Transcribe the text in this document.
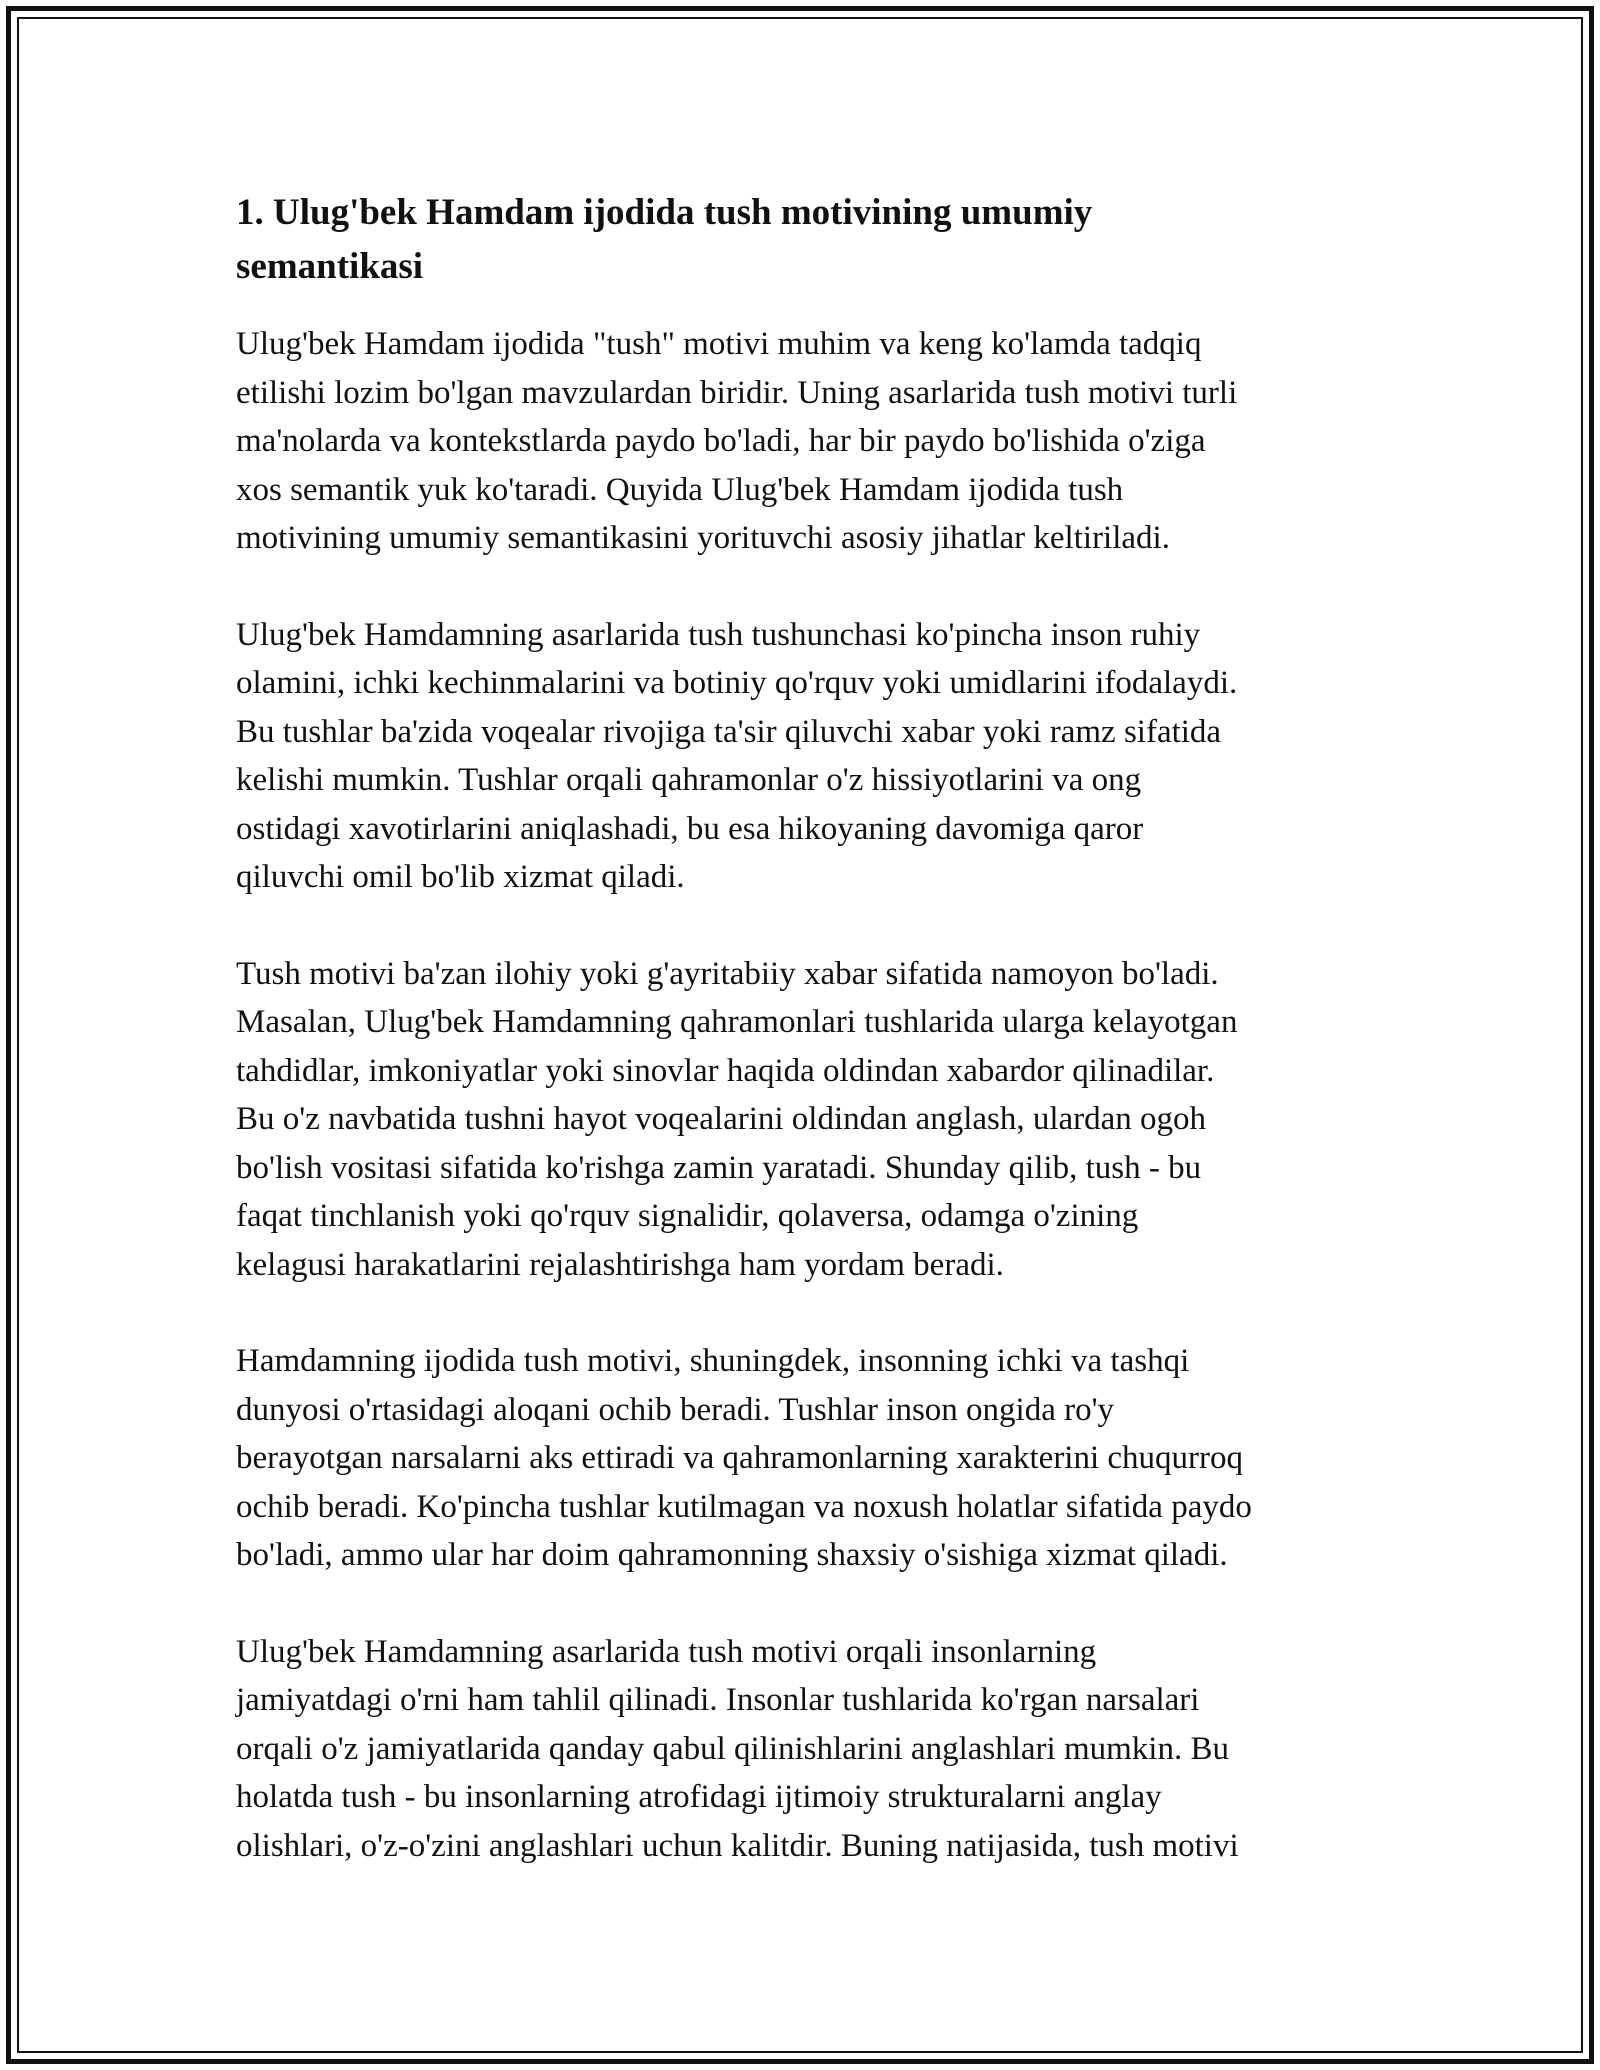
1. Ulug'bek Hamdam ijodida tush motivining umumiy
semantikasi

Ulug'bek Hamdam ijodida "tush" motivi muhim va keng ko'lamda tadqiq
etilishi lozim bo'lgan mavzulardan biridir. Uning asarlarida tush motivi turli
ma'nolarda va kontekstlarda paydo bo'ladi, har bir paydo bo'lishida o'ziga
xos semantik yuk ko'taradi. Quyida Ulug'bek Hamdam ijodida tush
motivining umumiy semantikasini yorituvchi asosiy jihatlar keltiriladi.

Ulug'bek Hamdamning asarlarida tush tushunchasi ko'pincha inson ruhiy
olamini, ichki kechinmalarini va botiniy qo'rquv yoki umidlarini ifodalaydi.
Bu tushlar ba'zida voqealar rivojiga ta'sir qiluvchi xabar yoki ramz sifatida
kelishi mumkin. Tushlar orqali qahramonlar o'z hissiyotlarini va ong
ostidagi xavotirlarini aniqlashadi, bu esa hikoyaning davomiga qaror
qiluvchi omil bo'lib xizmat qiladi.

Tush motivi ba'zan ilohiy yoki g'ayritabiiy xabar sifatida namoyon bo'ladi.
Masalan, Ulug'bek Hamdamning qahramonlari tushlarida ularga kelayotgan
tahdidlar, imkoniyatlar yoki sinovlar haqida oldindan xabardor qilinadilar.
Bu o'z navbatida tushni hayot voqealarini oldindan anglash, ulardan ogoh
bo'lish vositasi sifatida ko'rishga zamin yaratadi. Shunday qilib, tush - bu
faqat tinchlanish yoki qo'rquv signalidir, qolaversa, odamga o'zining
kelagusi harakatlarini rejalashtirishga ham yordam beradi.

Hamdamning ijodida tush motivi, shuningdek, insonning ichki va tashqi
dunyosi o'rtasidagi aloqani ochib beradi. Tushlar inson ongida ro'y
berayotgan narsalarni aks ettiradi va qahramonlarning xarakterini chuqurroq
ochib beradi. Ko'pincha tushlar kutilmagan va noxush holatlar sifatida paydo
bo'ladi, ammo ular har doim qahramonning shaxsiy o'sishiga xizmat qiladi.

Ulug'bek Hamdamning asarlarida tush motivi orqali insonlarning
jamiyatdagi o'rni ham tahlil qilinadi. Insonlar tushlarida ko'rgan narsalari
orqali o'z jamiyatlarida qanday qabul qilinishlarini anglashlari mumkin. Bu
holatda tush - bu insonlarning atrofidagi ijtimoiy strukturalarni anglay
olishlari, o'z-o'zini anglashlari uchun kalitdir. Buning natijasida, tush motivi
